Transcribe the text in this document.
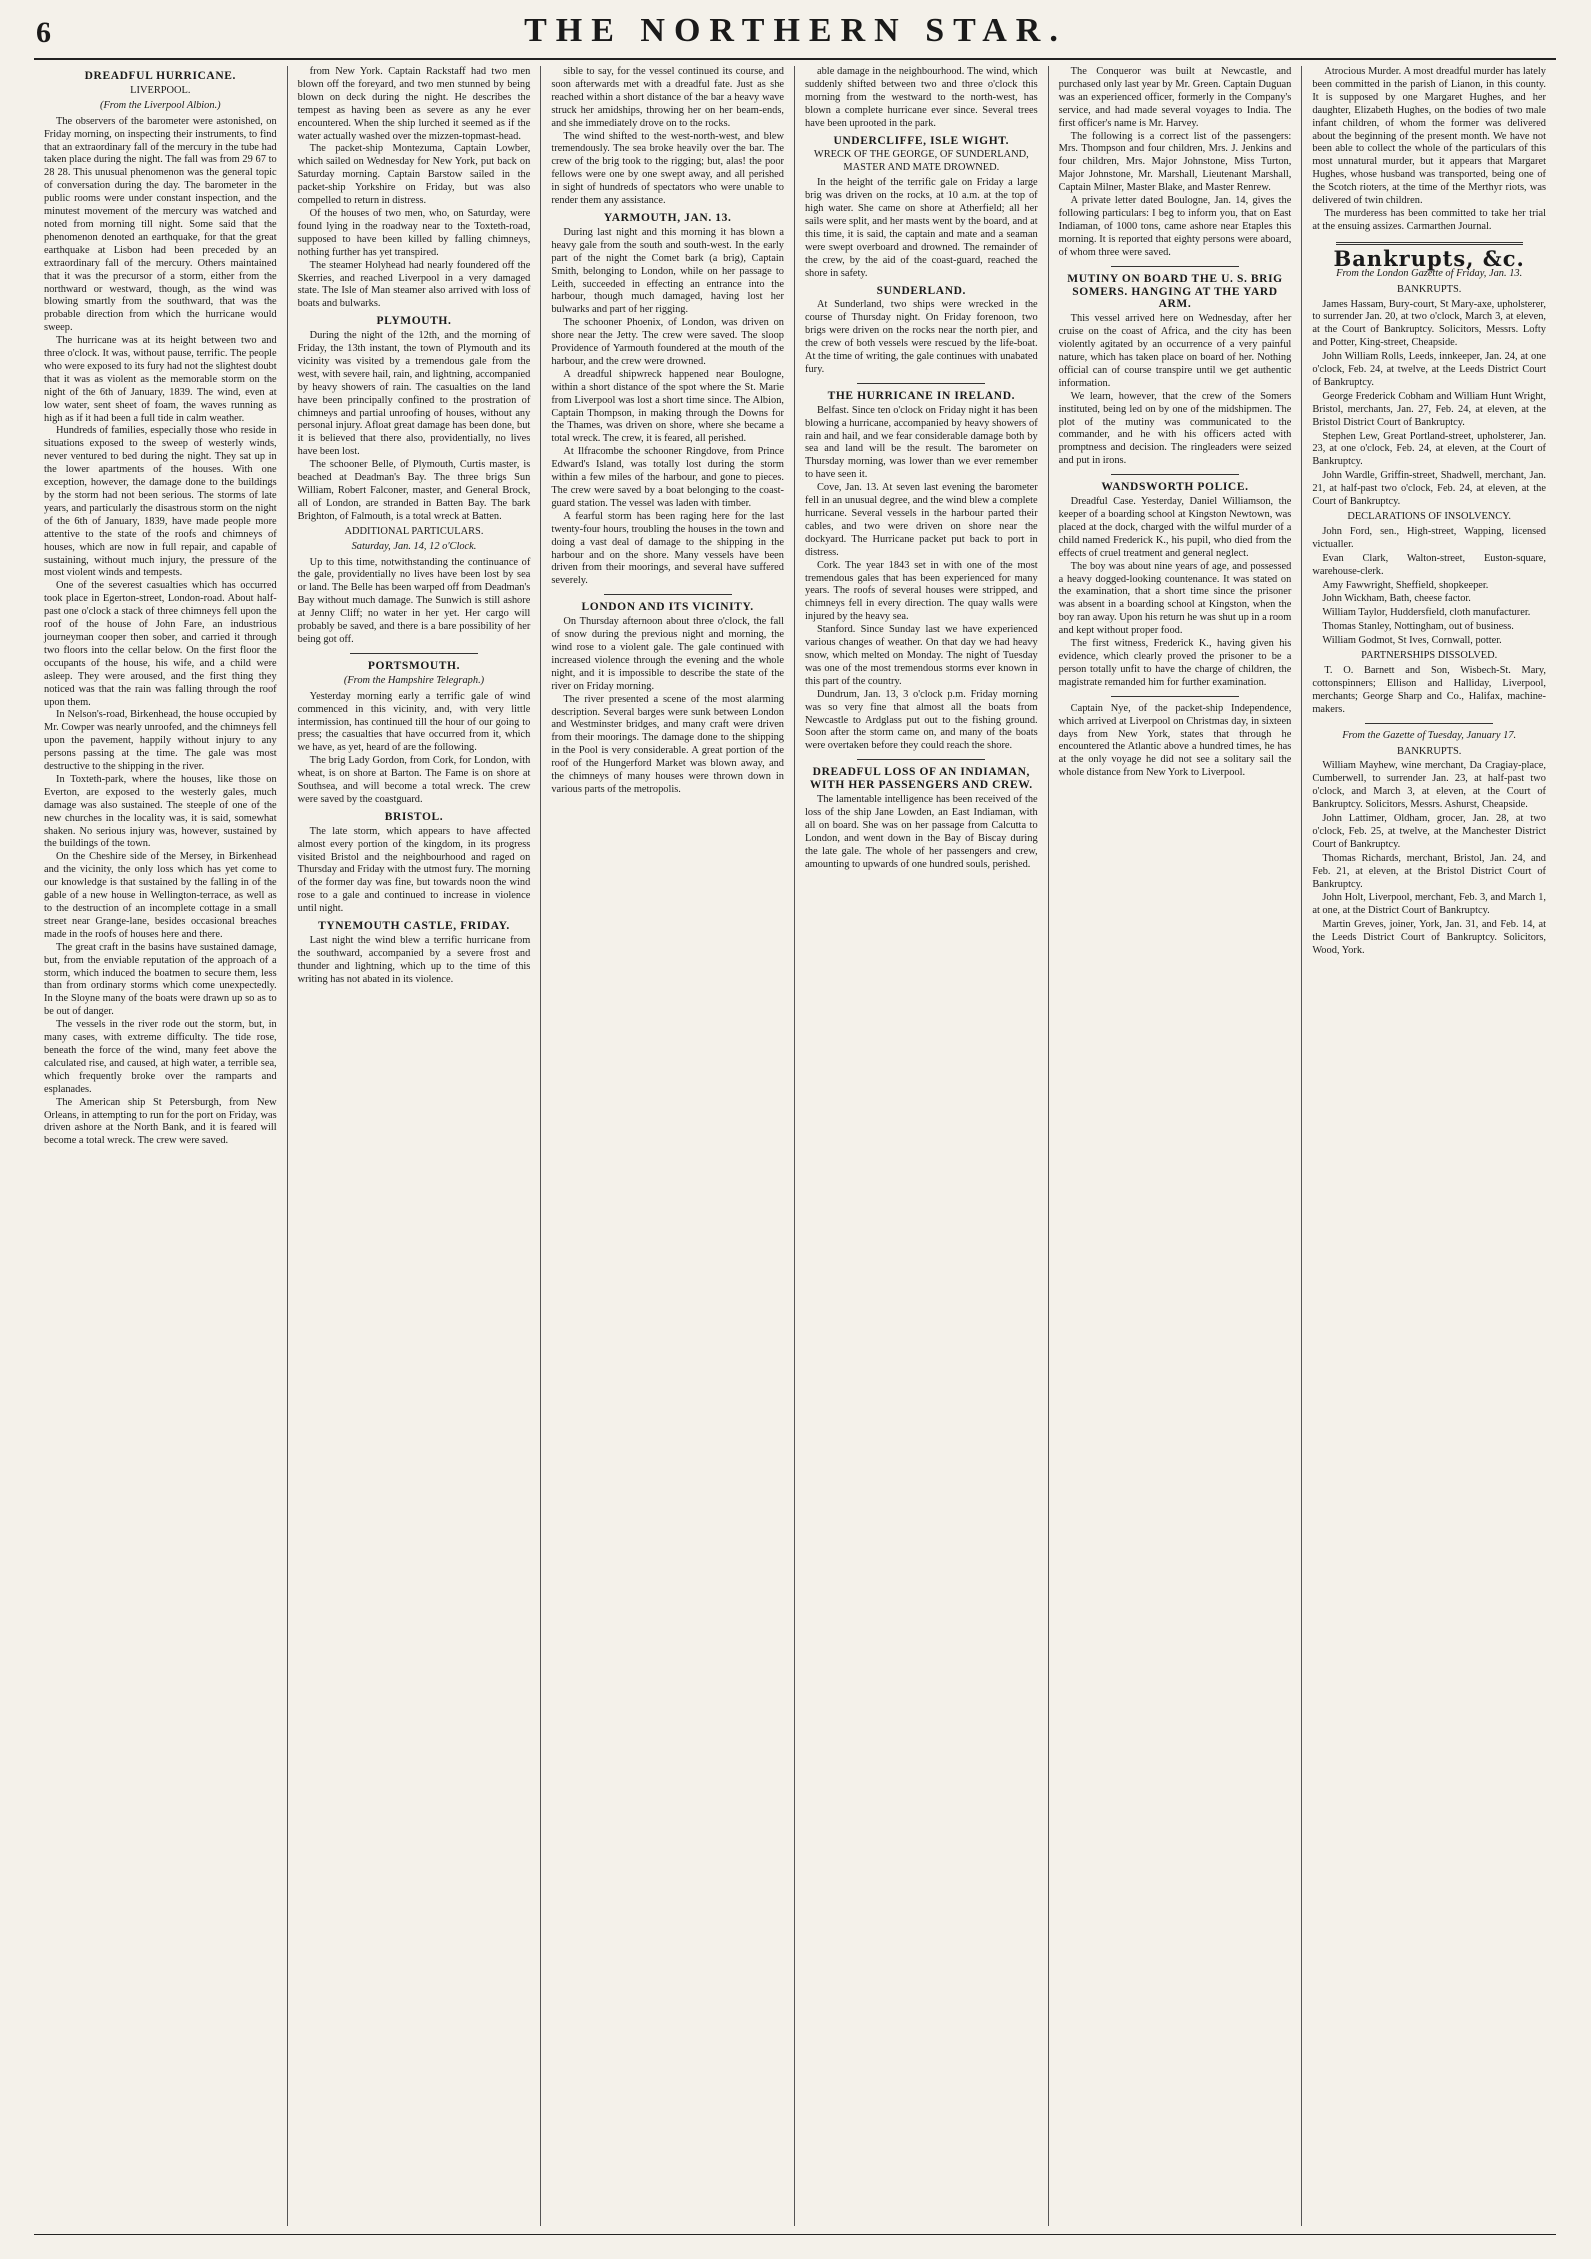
6	THE NORTHERN STAR.
DREADFUL HURRICANE.
LIVERPOOL.
(From the Liverpool Albion.)

The observers of the barometer were astonished, on Friday morning, on inspecting their instruments, to find that an extraordinary fall of the mercury in the tube had taken place during the night. The fall was from 29 67 to 28 28. This unusual phenomenon was the general topic of conversation during the day. The barometer in the public rooms were under constant inspection, and the minutest movement of the mercury was watched and noted from morning till night. Some said that the phenomenon denoted an earthquake, for that the great earthquake at Lisbon had been preceded by an extraordinary fall of the mercury. Others maintained that it was the precursor of a storm, either from the northward or westward, though, as the wind was blowing smartly from the southward, that was the probable direction from which the hurricane would sweep.

The hurricane was at its height between two and three o'clock. It was, without pause, terrific. The people who were exposed to its fury had not the slightest doubt that it was as violent as the memorable storm on the night of the 6th of January, 1839. The wind, even at low water, sent sheet of foam, the waves running as high as if it had been a full tide in calm weather.

Hundreds of families, especially those who reside in situations exposed to the sweep of westerly winds, never ventured to bed during the night. They sat up in the lower apartments of the houses. With one exception, however, the damage done to the buildings by the storm had not been serious. The storms of late years, and particularly the disastrous storm on the night of the 6th of January, 1839, have made people more attentive to the state of the roofs and chimneys of houses, which are now in full repair, and capable of sustaining, without much injury, the pressure of the most violent winds and tempests.

One of the severest casualties which has occurred took place in Egerton-street, London-road. About half-past one o'clock a stack of three chimneys fell upon the roof of the house of John Fare, an industrious journeyman cooper then sober, and carried it through two floors into the cellar below. On the first floor the occupants of the house, his wife, and a child were asleep. They were aroused, and the first thing they noticed was that the rain was falling through the roof upon them.

In Nelson's-road, Birkenhead, the house occupied by Mr. Cowper was nearly unroofed, and the chimneys fell upon the pavement, happily without injury to any persons passing at the time. The gale was most destructive to the shipping in the river.

In Toxteth-park, where the houses, like those on Everton, are exposed to the westerly gales, much damage was also sustained. The steeple of one of the new churches in the locality was, it is said, somewhat shaken. No serious injury was, however, sustained by the buildings of the town.

On the Cheshire side of the Mersey, in Birkenhead and the vicinity, the only loss which has yet come to our knowledge is that sustained by the falling in of the gable of a new house in Wellington-terrace, as well as to the destruction of an incomplete cottage in a small street near Grange-lane, besides occasional breaches made in the roofs of houses here and there.

The great craft in the basins have sustained damage, but, from the enviable reputation of the approach of a storm, which induced the boatmen to secure them, less than from ordinary storms which come unexpectedly. In the Sloyne many of the boats were drawn up so as to be out of danger.

The vessels in the river rode out the storm, but, in many cases, with extreme difficulty. The tide rose, beneath the force of the wind, many feet above the calculated rise, and caused, at high water, a terrible sea, which frequently broke over the ramparts and esplanades.

The American ship St Petersburgh, from New Orleans, in attempting to run for the port on Friday, was driven ashore at the North Bank, and it is feared will become a total wreck. The crew were saved.

from New York. Captain Rackstaff had two men blown off the foreyard, and two men stunned by being blown on deck during the night. He describes the tempest as having been as severe as any he ever encountered. When the ship lurched it seemed as if the water actually washed over the mizzen-topmast-head.

The packet-ship Montezuma, Captain Lowber, which sailed on Wednesday for New York, put back on Saturday morning. Captain Barstow sailed in the packet-ship Yorkshire on Friday, but was also compelled to return in distress.

Of the houses of two men, who, on Saturday, were found lying in the roadway near to the Toxteth-road, supposed to have been killed by falling chimneys, nothing further has yet transpired.

The steamer Holyhead had nearly foundered off the Skerries, and reached Liverpool in a very damaged state. The Isle of Man steamer also arrived with loss of boats and bulwarks.

PLYMOUTH.

During the night of the 12th, and the morning of Friday, the 13th instant, the town of Plymouth and its vicinity was visited by a tremendous gale from the west, with severe hail, rain, and lightning, accompanied by heavy showers of rain. The casualties on the land have been principally confined to the prostration of chimneys and partial unroofing of houses, without any personal injury. Afloat great damage has been done, but it is believed that there also, providentially, no lives have been lost.

The schooner Belle, of Plymouth, Curtis master, is beached at Deadman's Bay. The three brigs Sun William, Robert Falconer, master, and General Brock, all of London, are stranded in Batten Bay. The bark Brighton, of Falmouth, is a total wreck at Batten.

ADDITIONAL PARTICULARS.
Saturday, Jan. 14, 12 o'Clock.

Up to this time, notwithstanding the continuance of the gale, providentially no lives have been lost by sea or land. The Belle has been warped off from Deadman's Bay without much damage. The Sunwich is still ashore at Jenny Cliff; no water in her yet. Her cargo will probably be saved, and there is a bare possibility of her being got off.

PORTSMOUTH.
(From the Hampshire Telegraph.)

Yesterday morning early a terrific gale of wind commenced in this vicinity, and, with very little intermission, has continued till the hour of our going to press; the casualties that have occurred from it, which we have, as yet, heard of are the following.

The brig Lady Gordon, from Cork, for London, with wheat, is on shore at Barton. The Fame is on shore at Southsea, and will become a total wreck. The crew were saved by the coastguard.

BRISTOL.

The late storm, which appears to have affected almost every portion of the kingdom, in its progress visited Bristol and the neighbourhood and raged on Thursday and Friday with the utmost fury. The morning of the former day was fine, but towards noon the wind rose to a gale and continued to increase in violence until night.

TYNEMOUTH CASTLE, FRIDAY.

Last night the wind blew a terrific hurricane from the southward, accompanied by a severe frost and thunder and lightning, which up to the time of this writing has not abated in its violence.

sible to say, for the vessel continued its course, and soon afterwards met with a dreadful fate. Just as she reached within a short distance of the bar a heavy wave struck her amidships, throwing her on her beam-ends, and she immediately drove on to the rocks.

The wind shifted to the west-north-west, and blew tremendously. The sea broke heavily over the bar. The crew of the brig took to the rigging; but, alas! the poor fellows were one by one swept away, and all perished in sight of hundreds of spectators who were unable to render them any assistance.

YARMOUTH, JAN. 13.

During last night and this morning it has blown a heavy gale from the south and south-west. In the early part of the night the Comet bark (a brig), Captain Smith, belonging to London, while on her passage to Leith, succeeded in effecting an entrance into the harbour, though much damaged, having lost her bulwarks and part of her rigging.

The schooner Phoenix, of London, was driven on shore near the Jetty. The crew were saved. The sloop Providence of Yarmouth foundered at the mouth of the harbour, and the crew were drowned.

A dreadful shipwreck happened near Boulogne, within a short distance of the spot where the St. Marie from Liverpool was lost a short time since. The Albion, Captain Thompson, in making through the Downs for the Thames, was driven on shore, where she became a total wreck. The crew, it is feared, all perished.

At Ilfracombe the schooner Ringdove, from Prince Edward's Island, was totally lost during the storm within a few miles of the harbour, and gone to pieces. The crew were saved by a boat belonging to the coast-guard station. The vessel was laden with timber.

A fearful storm has been raging here for the last twenty-four hours, troubling the houses in the town and doing a vast deal of damage to the shipping in the harbour and on the shore. Many vessels have been driven from their moorings, and several have suffered severely.

LONDON AND ITS VICINITY.

On Thursday afternoon about three o'clock, the fall of snow during the previous night and morning, the wind rose to a violent gale. The gale continued with increased violence through the evening and the whole night, and it is impossible to describe the state of the river on Friday morning.

The river presented a scene of the most alarming description. Several barges were sunk between London and Westminster bridges, and many craft were driven from their moorings. The damage done to the shipping in the Pool is very considerable. A great portion of the roof of the Hungerford Market was blown away, and the chimneys of many houses were thrown down in various parts of the metropolis.

able damage in the neighbourhood. The wind, which suddenly shifted between two and three o'clock this morning from the westward to the north-west, has blown a complete hurricane ever since. Several trees have been uprooted in the park.

UNDERCLIFFE, ISLE WIGHT.
WRECK OF THE GEORGE, OF SUNDERLAND, MASTER AND MATE DROWNED.

In the height of the terrific gale on Friday a large brig was driven on the rocks, at 10 a.m. at the top of high water. She came on shore at Atherfield; all her sails were split, and her masts went by the board, and at this time, it is said, the captain and mate and a seaman were swept overboard and drowned. The remainder of the crew, by the aid of the coast-guard, reached the shore in safety.

SUNDERLAND.

At Sunderland, two ships were wrecked in the course of Thursday night. On Friday forenoon, two brigs were driven on the rocks near the north pier, and the crew of both vessels were rescued by the life-boat. At the time of writing, the gale continues with unabated fury.

THE HURRICANE IN IRELAND.

Belfast. Since ten o'clock on Friday night it has been blowing a hurricane, accompanied by heavy showers of rain and hail, and we fear considerable damage both by sea and land will be the result. The barometer on Thursday morning, was lower than we ever remember to have seen it.

Cove, Jan. 13. At seven last evening the barometer fell in an unusual degree, and the wind blew a complete hurricane. Several vessels in the harbour parted their cables, and two were driven on shore near the dockyard. The Hurricane packet put back to port in distress.

Cork. The year 1843 set in with one of the most tremendous gales that has been experienced for many years. The roofs of several houses were stripped, and chimneys fell in every direction. The quay walls were injured by the heavy sea.

Stanford. Since Sunday last we have experienced various changes of weather. On that day we had heavy snow, which melted on Monday. The night of Tuesday was one of the most tremendous storms ever known in this part of the country.

Dundrum, Jan. 13, 3 o'clock p.m. Friday morning was so very fine that almost all the boats from Newcastle to Ardglass put out to the fishing ground. Soon after the storm came on, and many of the boats were overtaken before they could reach the shore.

DREADFUL LOSS OF AN INDIAMAN, WITH HER PASSENGERS AND CREW.

The lamentable intelligence has been received of the loss of the ship Jane Lowden, an East Indiaman, with all on board. She was on her passage from Calcutta to London, and went down in the Bay of Biscay during the late gale. The whole of her passengers and crew, amounting to upwards of one hundred souls, perished.

The Conqueror was built at Newcastle, and purchased only last year by Mr. Green. Captain Duguan was an experienced officer, formerly in the Company's service, and had made several voyages to India. The first officer's name is Mr. Harvey.

The following is a correct list of the passengers: Mrs. Thompson and four children, Mrs. J. Jenkins and four children, Mrs. Major Johnstone, Miss Turton, Major Johnstone, Mr. Marshall, Lieutenant Marshall, Captain Milner, Master Blake, and Master Renrew.

A private letter dated Boulogne, Jan. 14, gives the following particulars: I beg to inform you, that on East Indiaman, of 1000 tons, came ashore near Etaples this morning. It is reported that eighty persons were aboard, of whom three were saved.

MUTINY ON BOARD THE U. S. BRIG SOMERS. HANGING AT THE YARD ARM.

This vessel arrived here on Wednesday, after her cruise on the coast of Africa, and the city has been violently agitated by an occurrence of a very painful nature, which has taken place on board of her. Nothing official can of course transpire until we get authentic information.

We learn, however, that the crew of the Somers instituted, being led on by one of the midshipmen. The plot of the mutiny was communicated to the commander, and he with his officers acted with promptness and decision. The ringleaders were seized and put in irons.

WANDSWORTH POLICE.

Dreadful Case. Yesterday, Daniel Williamson, the keeper of a boarding school at Kingston Newtown, was placed at the dock, charged with the wilful murder of a child named Frederick K., his pupil, who died from the effects of cruel treatment and general neglect.

The boy was about nine years of age, and possessed a heavy dogged-looking countenance. It was stated on the examination, that a short time since the prisoner was absent in a boarding school at Kingston, when the boy ran away. Upon his return he was shut up in a room and kept without proper food.

The first witness, Frederick K., having given his evidence, which clearly proved the prisoner to be a person totally unfit to have the charge of children, the magistrate remanded him for further examination.

Captain Nye, of the packet-ship Independence, which arrived at Liverpool on Christmas day, in sixteen days from New York, states that through he encountered the Atlantic above a hundred times, he has at the only voyage he did not see a solitary sail the whole distance from New York to Liverpool.

Atrocious Murder. A most dreadful murder has lately been committed in the parish of Lianon, in this county. It is supposed by one Margaret Hughes, and her daughter, Elizabeth Hughes, on the bodies of two male infant children, of whom the former was delivered about the beginning of the present month. We have not been able to collect the whole of the particulars of this most unnatural murder, but it appears that Margaret Hughes, whose husband was transported, being one of the Scotch rioters, at the time of the Merthyr riots, was delivered of twin children.

The murderess has been committed to take her trial at the ensuing assizes. Carmarthen Journal.

Bankrupts, &c.
From the London Gazette of Friday, Jan. 13.
BANKRUPTS.
James Hassam, Bury-court, St Mary-axe, upholsterer, to surrender Jan. 20, at two o'clock, March 3, at eleven, at the Court of Bankruptcy. Solicitors, Messrs. Lofty and Potter, King-street, Cheapside.
John William Rolls, Leeds, innkeeper, Jan. 24, at one o'clock, Feb. 24, at twelve, at the Leeds District Court of Bankruptcy.
George Frederick Cobham and William Hunt Wright, Bristol, merchants, Jan. 27, Feb. 24, at eleven, at the Bristol District Court of Bankruptcy.
Stephen Lew, Great Portland-street, upholsterer, Jan. 23, at one o'clock, Feb. 24, at eleven, at the Court of Bankruptcy.
John Wardle, Griffin-street, Shadwell, merchant, Jan. 21, at half-past two o'clock, Feb. 24, at eleven, at the Court of Bankruptcy.
DECLARATIONS OF INSOLVENCY.
John Ford, sen., High-street, Wapping, licensed victualler.
Evan Clark, Walton-street, Euston-square, warehouse-clerk.
Amy Fawwright, Sheffield, shopkeeper.
John Wickham, Bath, cheese factor.
William Taylor, Huddersfield, cloth manufacturer.
Thomas Stanley, Nottingham, out of business.
William Godmot, St Ives, Cornwall, potter.
PARTNERSHIPS DISSOLVED.

T. O. Barnett and Son, Wisbech-St. Mary, cottonspinners; Ellison and Halliday, Liverpool, merchants; George Sharp and Co., Halifax, machine-makers.

From the Gazette of Tuesday, January 17.
BANKRUPTS.
William Mayhew, wine merchant, Da Cragiay-place, Cumberwell, to surrender Jan. 23, at half-past two o'clock, and March 3, at eleven, at the Court of Bankruptcy. Solicitors, Messrs. Ashurst, Cheapside.
John Lattimer, Oldham, grocer, Jan. 28, at two o'clock, Feb. 25, at twelve, at the Manchester District Court of Bankruptcy.
Thomas Richards, merchant, Bristol, Jan. 24, and Feb. 21, at eleven, at the Bristol District Court of Bankruptcy.
John Holt, Liverpool, merchant, Feb. 3, and March 1, at one, at the District Court of Bankruptcy.
Martin Greves, joiner, York, Jan. 31, and Feb. 14, at the Leeds District Court of Bankruptcy. Solicitors, Wood, York.
